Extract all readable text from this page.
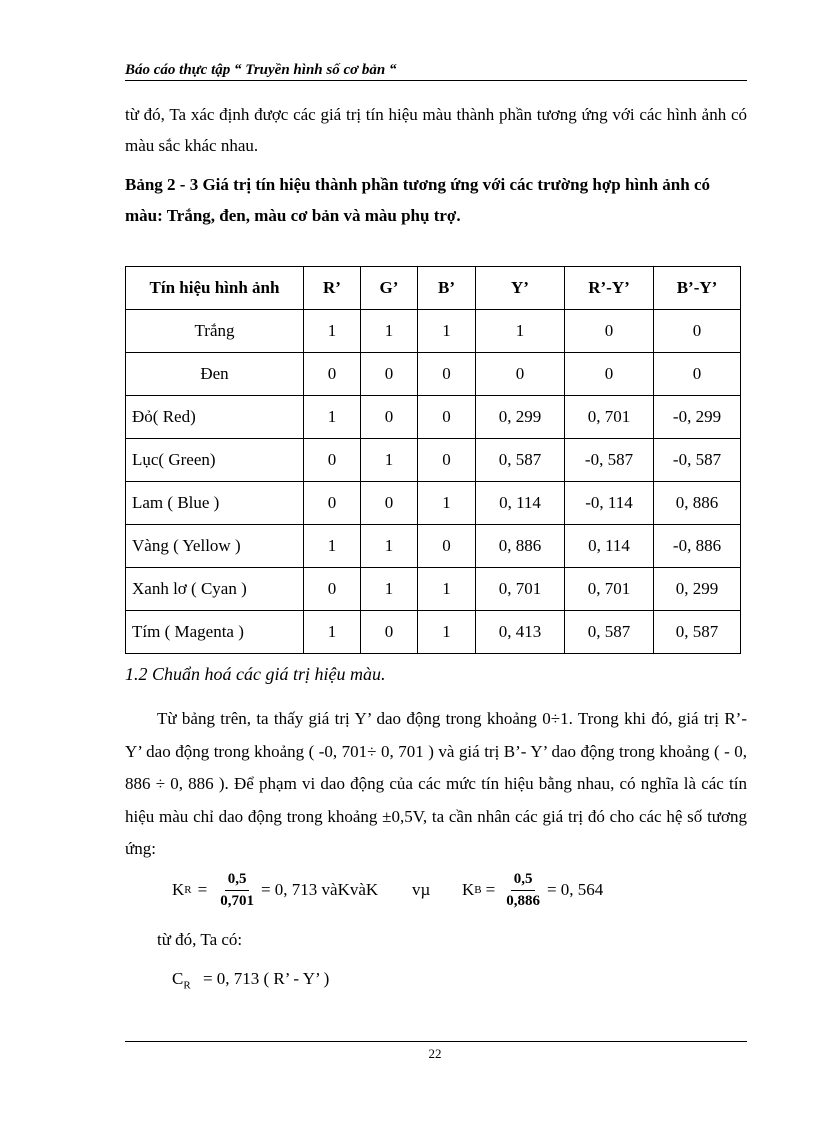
Báo cáo thực tập “ Truyền hình số cơ bản “
từ đó, Ta xác định được các giá trị tín hiệu màu thành phần tương ứng với các hình ảnh có màu sắc khác nhau.
Bảng 2 - 3 Giá trị tín hiệu thành phần tương ứng với các trường hợp hình ảnh có màu: Trắng, đen, màu cơ bản và màu phụ trợ.
Tín hiệu hình ảnh	R’	G’	B’	Y’	R’-Y’	B’-Y’
Trắng	1	1	1	1	0	0
Đen	0	0	0	0	0	0
Đỏ( Red)	1	0	0	0, 299	0, 701	-0, 299
Lục( Green)	0	1	0	0, 587	-0, 587	-0, 587
Lam ( Blue )	0	0	1	0, 114	-0, 114	0, 886
Vàng ( Yellow )	1	1	0	0, 886	0, 114	-0, 886
Xanh lơ ( Cyan )	0	1	1	0, 701	0, 701	0, 299
Tím ( Magenta )	1	0	1	0, 413	0, 587	0, 587
1.2 Chuẩn hoá các giá trị hiệu màu.
Từ bảng trên, ta thấy giá trị Y’ dao động trong khoảng 0÷1. Trong khi đó, giá trị R’- Y’ dao động trong khoảng ( -0, 701÷ 0, 701 ) và giá trị B’- Y’ dao động trong khoảng ( - 0, 886 ÷ 0, 886 ). Để phạm vi dao động của các mức tín hiệu bằng nhau, có nghĩa là các tín hiệu màu chỉ dao động trong khoảng ±0,5V, ta cần nhân các giá trị đó cho các hệ số tương ứng:
K $R = \frac{0,5}{0,701} = 0$, 713 vàKvàK vµ K $B = \frac{0,5}{0,886} = 0$, 564
từ đó, Ta có:
$C_R = 0$, 713 ( R’ - Y’ )
22
